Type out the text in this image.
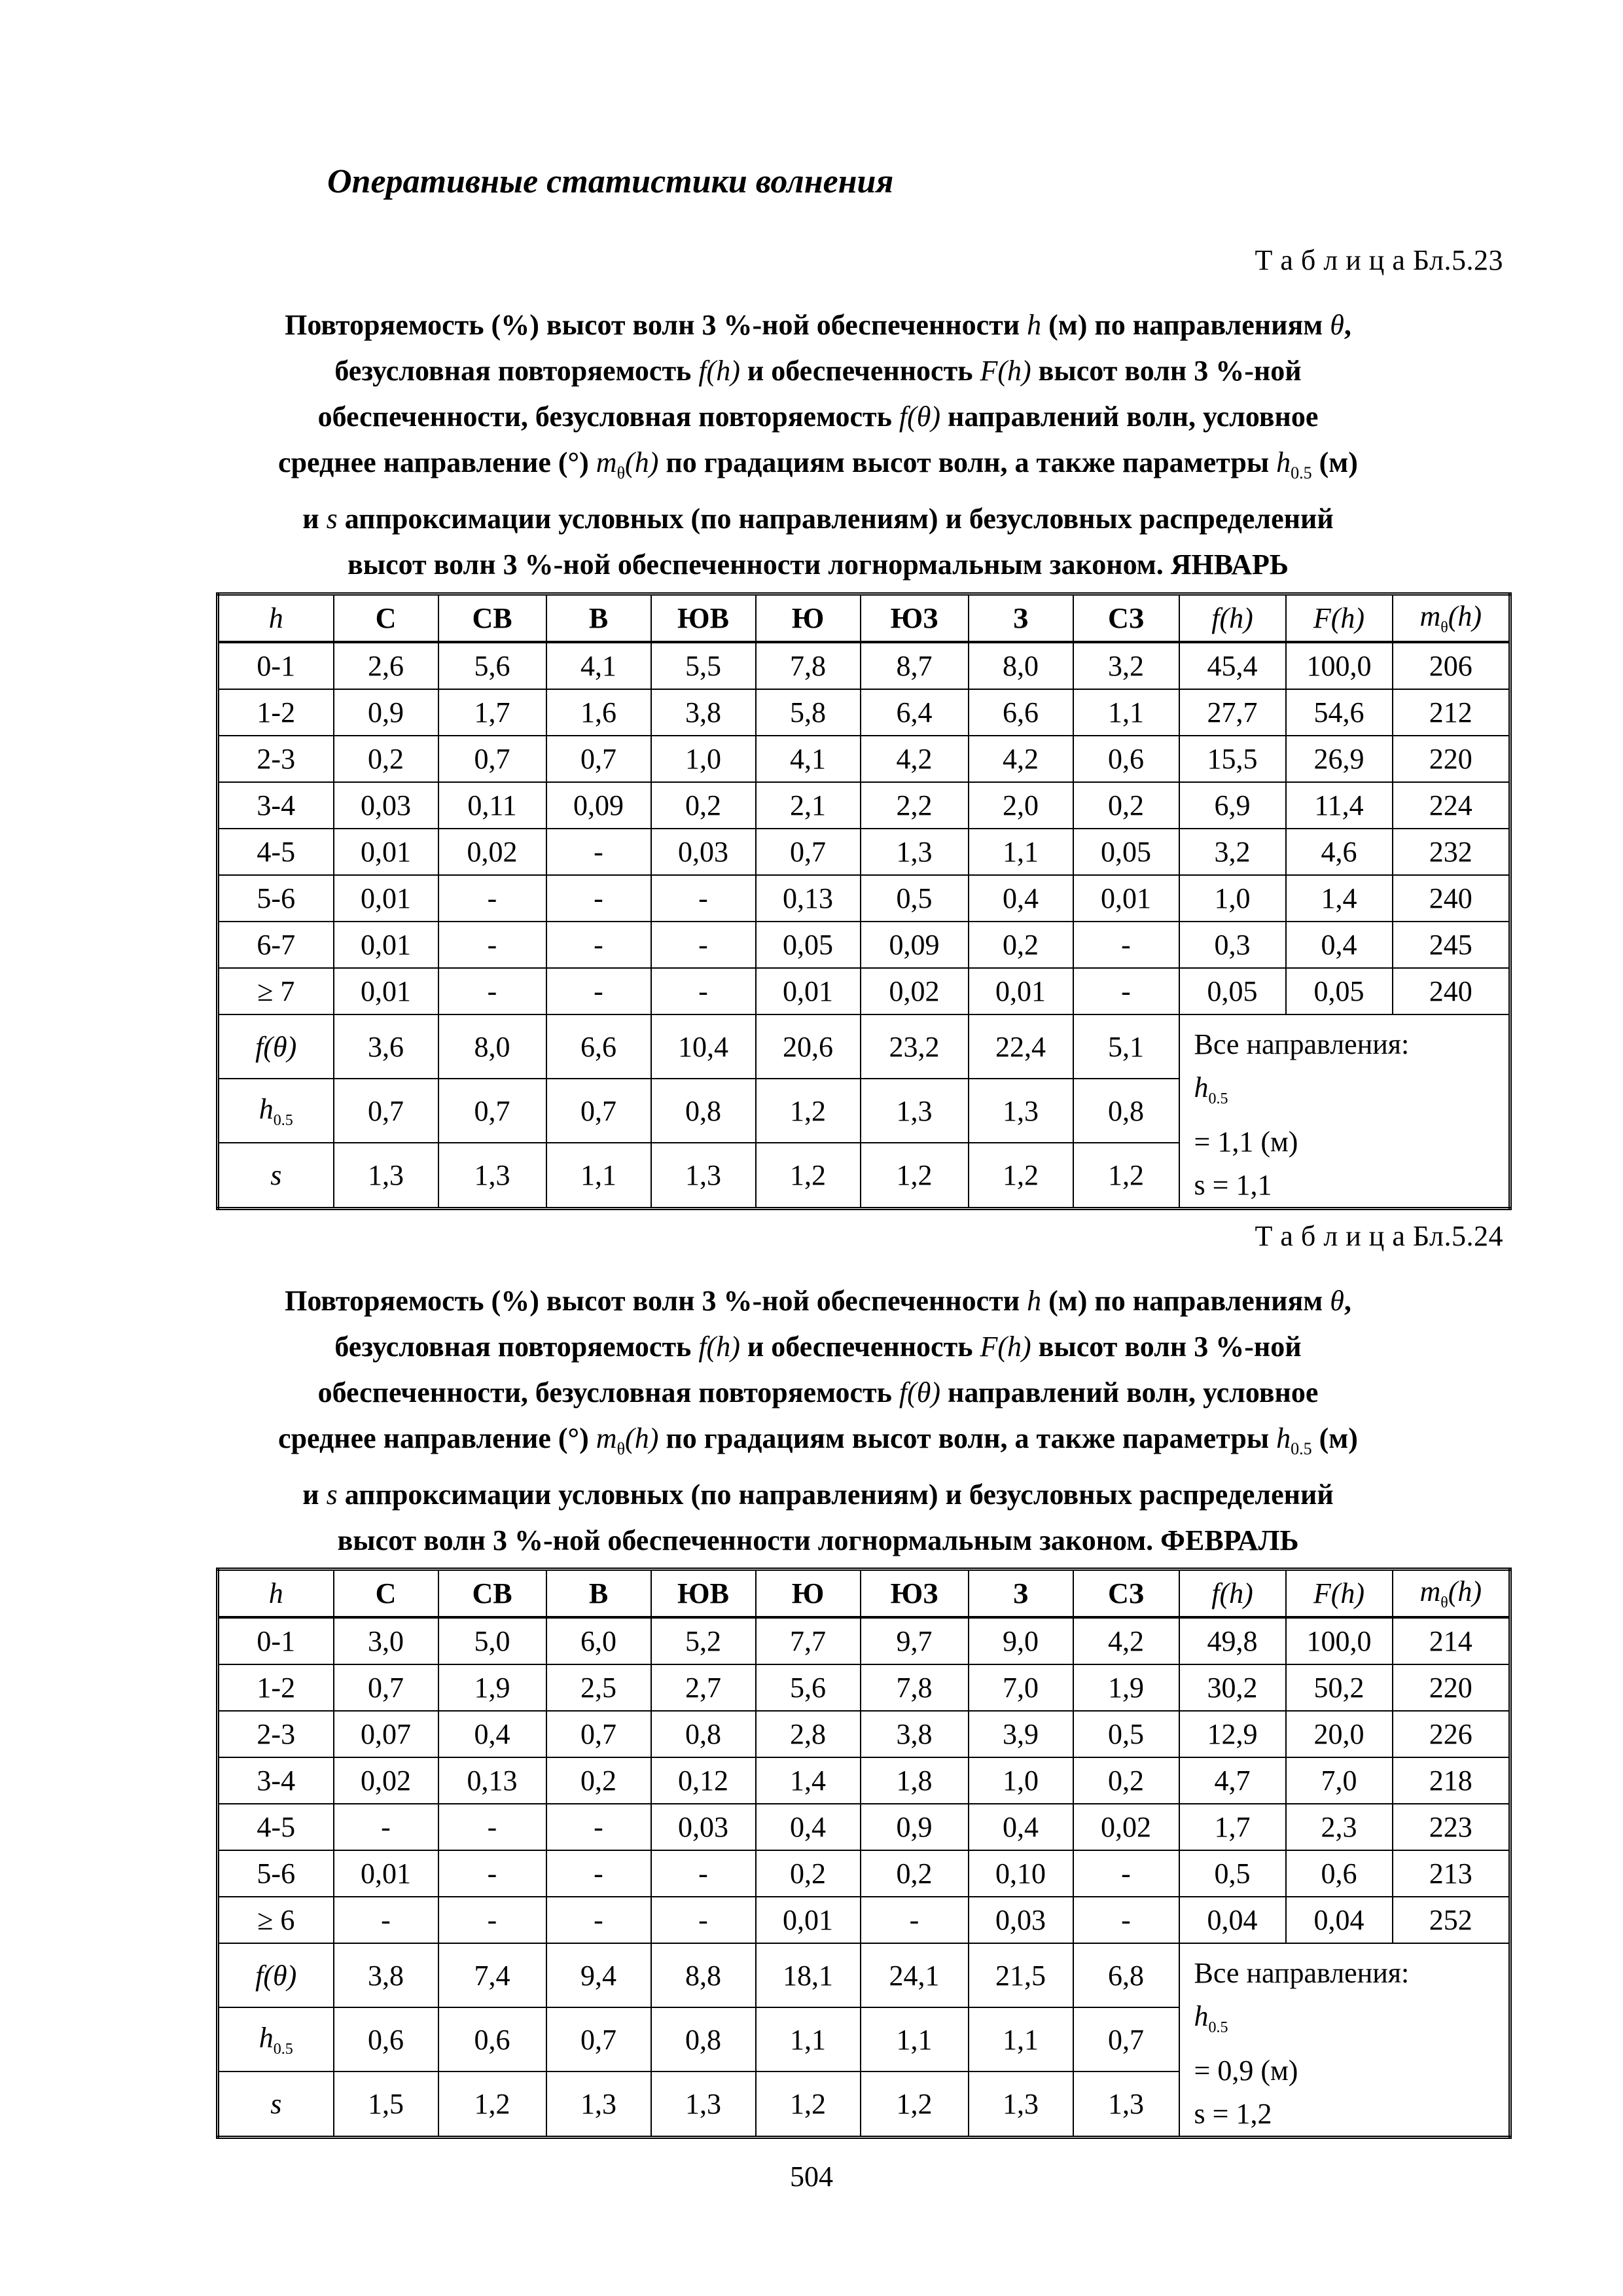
Оперативные статистики волнения
Т а б л и ц а Бл.5.23
Повторяемость (%) высот волн 3 %-ной обеспеченности h (м) по направлениям θ,
безусловная повторяемость f(h) и обеспеченность F(h) высот волн 3 %-ной
обеспеченности, безусловная повторяемость f(θ) направлений волн, условное
среднее направление (°) $m_\theta(h)$ по градациям высот волн, а также параметры $h_{0.5}$ (м)
и s аппроксимации условных (по направлениям) и безусловных распределений
высот волн 3 %-ной обеспеченности логнормальным законом. ЯНВАРЬ
h	С	СВ	В	ЮВ	Ю	ЮЗ	З	СЗ	f(h)	F(h)	$m_\theta(h)$
0-1	2,6	5,6	4,1	5,5	7,8	8,7	8,0	3,2	45,4	100,0	206
1-2	0,9	1,7	1,6	3,8	5,8	6,4	6,6	1,1	27,7	54,6	212
2-3	0,2	0,7	0,7	1,0	4,1	4,2	4,2	0,6	15,5	26,9	220
3-4	0,03	0,11	0,09	0,2	2,1	2,2	2,0	0,2	6,9	11,4	224
4-5	0,01	0,02	-	0,03	0,7	1,3	1,1	0,05	3,2	4,6	232
5-6	0,01	-	-	-	0,13	0,5	0,4	0,01	1,0	1,4	240
6-7	0,01	-	-	-	0,05	0,09	0,2	-	0,3	0,4	245
≥ 7	0,01	-	-	-	0,01	0,02	0,01	-	0,05	0,05	240
f(θ)	3,6	8,0	6,6	10,4	20,6	23,2	22,4	5,1	Все направления:
$h_{0.5}$
= 1,1 (м)
s = 1,1		

$h_{0.5}$	0,7	0,7	0,7	0,8	1,2	1,3	1,3	0,8			
s	1,3	1,3	1,1	1,3	1,2	1,2	1,2	1,2			
Т а б л и ц а Бл.5.24
Повторяемость (%) высот волн 3 %-ной обеспеченности h (м) по направлениям θ,
безусловная повторяемость f(h) и обеспеченность F(h) высот волн 3 %-ной
обеспеченности, безусловная повторяемость f(θ) направлений волн, условное
среднее направление (°) $m_\theta(h)$ по градациям высот волн, а также параметры $h_{0.5}$ (м)
и s аппроксимации условных (по направлениям) и безусловных распределений
высот волн 3 %-ной обеспеченности логнормальным законом. ФЕВРАЛЬ
h	С	СВ	В	ЮВ	Ю	ЮЗ	З	СЗ	f(h)	F(h)	$m_\theta(h)$
0-1	3,0	5,0	6,0	5,2	7,7	9,7	9,0	4,2	49,8	100,0	214
1-2	0,7	1,9	2,5	2,7	5,6	7,8	7,0	1,9	30,2	50,2	220
2-3	0,07	0,4	0,7	0,8	2,8	3,8	3,9	0,5	12,9	20,0	226
3-4	0,02	0,13	0,2	0,12	1,4	1,8	1,0	0,2	4,7	7,0	218
4-5	-	-	-	0,03	0,4	0,9	0,4	0,02	1,7	2,3	223
5-6	0,01	-	-	-	0,2	0,2	0,10	-	0,5	0,6	213
≥ 6	-	-	-	-	0,01	-	0,03	-	0,04	0,04	252
f(θ)	3,8	7,4	9,4	8,8	18,1	24,1	21,5	6,8	Все направления:
$h_{0.5}$
= 0,9 (м)
s = 1,2		

$h_{0.5}$	0,6	0,6	0,7	0,8	1,1	1,1	1,1	0,7			
s	1,5	1,2	1,3	1,3	1,2	1,2	1,3	1,3			
504
